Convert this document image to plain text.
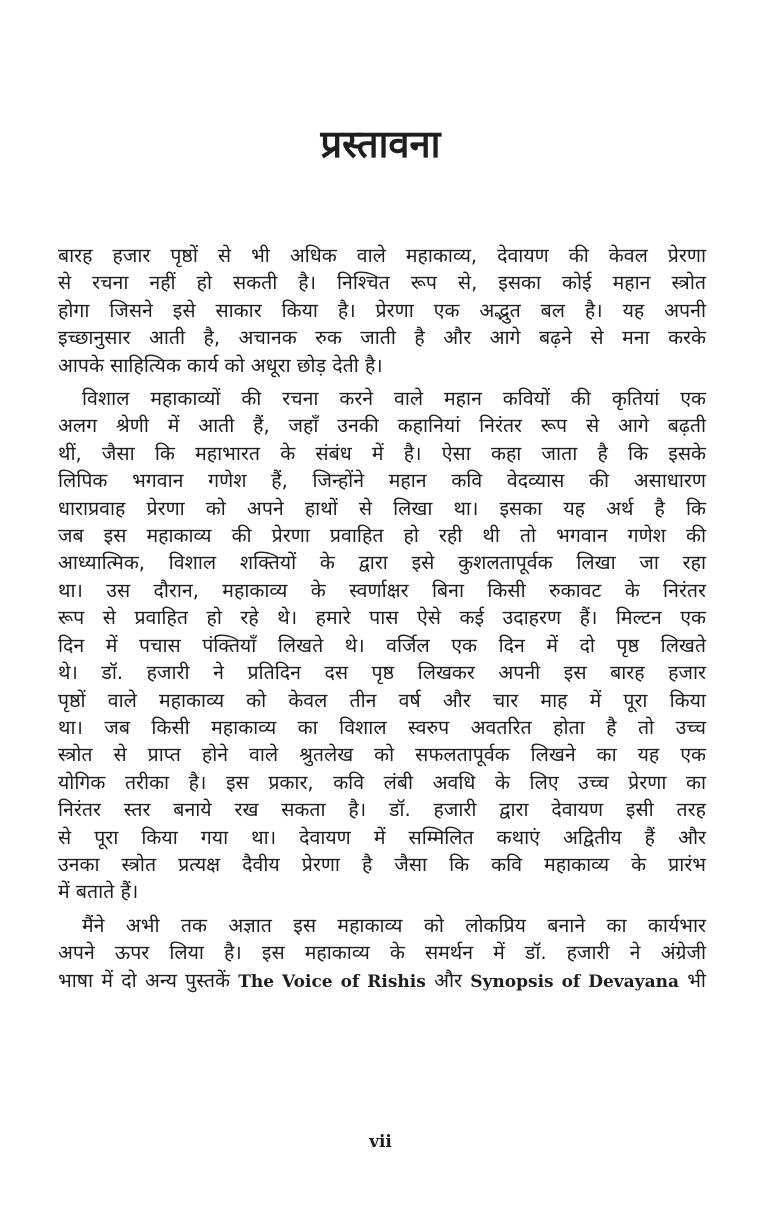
प्रस्तावना

बारह हजार पृष्ठों से भी अधिक वाले महाकाव्य, देवायण की केवल प्रेरणा
से रचना नहीं हो सकती है। निश्चित रूप से, इसका कोई महान स्त्रोत
होगा जिसने इसे साकार किया है। प्रेरणा एक अद्भुत बल है। यह अपनी
इच्छानुसार आती है, अचानक रुक जाती है और आगे बढ़ने से मना करके
आपके साहित्यिक कार्य को अधूरा छोड़ देती है।

विशाल महाकाव्यों की रचना करने वाले महान कवियों की कृतियां एक
अलग श्रेणी में आती हैं, जहाँ उनकी कहानियां निरंतर रूप से आगे बढ़ती
थीं, जैसा कि महाभारत के संबंध में है। ऐसा कहा जाता है कि इसके
लिपिक भगवान गणेश हैं, जिन्होंने महान कवि वेदव्यास की असाधारण
धाराप्रवाह प्रेरणा को अपने हाथों से लिखा था। इसका यह अर्थ है कि
जब इस महाकाव्य की प्रेरणा प्रवाहित हो रही थी तो भगवान गणेश की
आध्यात्मिक, विशाल शक्तियों के द्वारा इसे कुशलतापूर्वक लिखा जा रहा
था। उस दौरान, महाकाव्य के स्वर्णाक्षर बिना किसी रुकावट के निरंतर
रूप से प्रवाहित हो रहे थे। हमारे पास ऐसे कई उदाहरण हैं। मिल्टन एक
दिन में पचास पंक्तियाँ लिखते थे। वर्जिल एक दिन में दो पृष्ठ लिखते
थे। डॉ. हजारी ने प्रतिदिन दस पृष्ठ लिखकर अपनी इस बारह हजार
पृष्ठों वाले महाकाव्य को केवल तीन वर्ष और चार माह में पूरा किया
था। जब किसी महाकाव्य का विशाल स्वरुप अवतरित होता है तो उच्च
स्त्रोत से प्राप्त होने वाले श्रुतलेख को सफलतापूर्वक लिखने का यह एक
योगिक तरीका है। इस प्रकार, कवि लंबी अवधि के लिए उच्च प्रेरणा का
निरंतर स्तर बनाये रख सकता है। डॉ. हजारी द्वारा देवायण इसी तरह
से पूरा किया गया था। देवायण में सम्मिलित कथाएं अद्वितीय हैं और
उनका स्त्रोत प्रत्यक्ष दैवीय प्रेरणा है जैसा कि कवि महाकाव्य के प्रारंभ
में बताते हैं।

मैंने अभी तक अज्ञात इस महाकाव्य को लोकप्रिय बनाने का कार्यभार
अपने ऊपर लिया है। इस महाकाव्य के समर्थन में डॉ. हजारी ने अंग्रेजी
भाषा में दो अन्य पुस्तकें The Voice of Rishis और Synopsis of Devayana भी

vii
